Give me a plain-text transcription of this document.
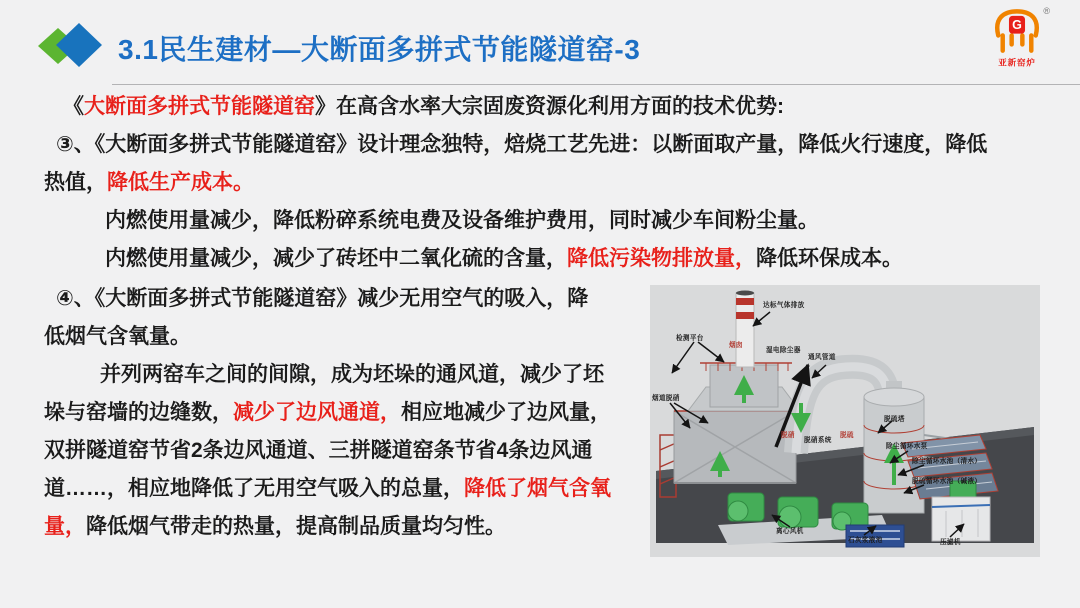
3.1民生建材—大断面多拼式节能隧道窑-3
®
G
亚新窑炉
《大断面多拼式节能隧道窑》在高含水率大宗固废资源化利用方面的技术优势:
③、《大断面多拼式节能隧道窑》设计理念独特，焙烧工艺先进：以断面取产量，降低火行速度，降低
热值，降低生产成本。
内燃使用量减少，降低粉碎系统电费及设备维护费用，同时减少车间粉尘量。
内燃使用量减少，减少了砖坯中二氧化硫的含量，降低污染物排放量，降低环保成本。
④、《大断面多拼式节能隧道窑》减少无用空气的吸入，降
低烟气含氧量。
并列两窑车之间的间隙，成为坯垛的通风道，减少了坯
垛与窑墙的边缝数，减少了边风通道，相应地减少了边风量，
双拼隧道窑节省2条边风通道、三拼隧道窑条节省4条边风通
道……，相应地降低了无用空气吸入的总量，降低了烟气含氧
量，降低烟气带走的热量，提高制品质量均匀性。
达标气体排放
检测平台
烟囱
湿电除尘器
通风管道
烟道脱硝
脱硝
脱硝系统
脱硫
脱硫塔
除尘循环水泵
除尘循环水池（清水）
脱硫循环水池（碱液）
离心风机
石灰浆液池	压滤机
